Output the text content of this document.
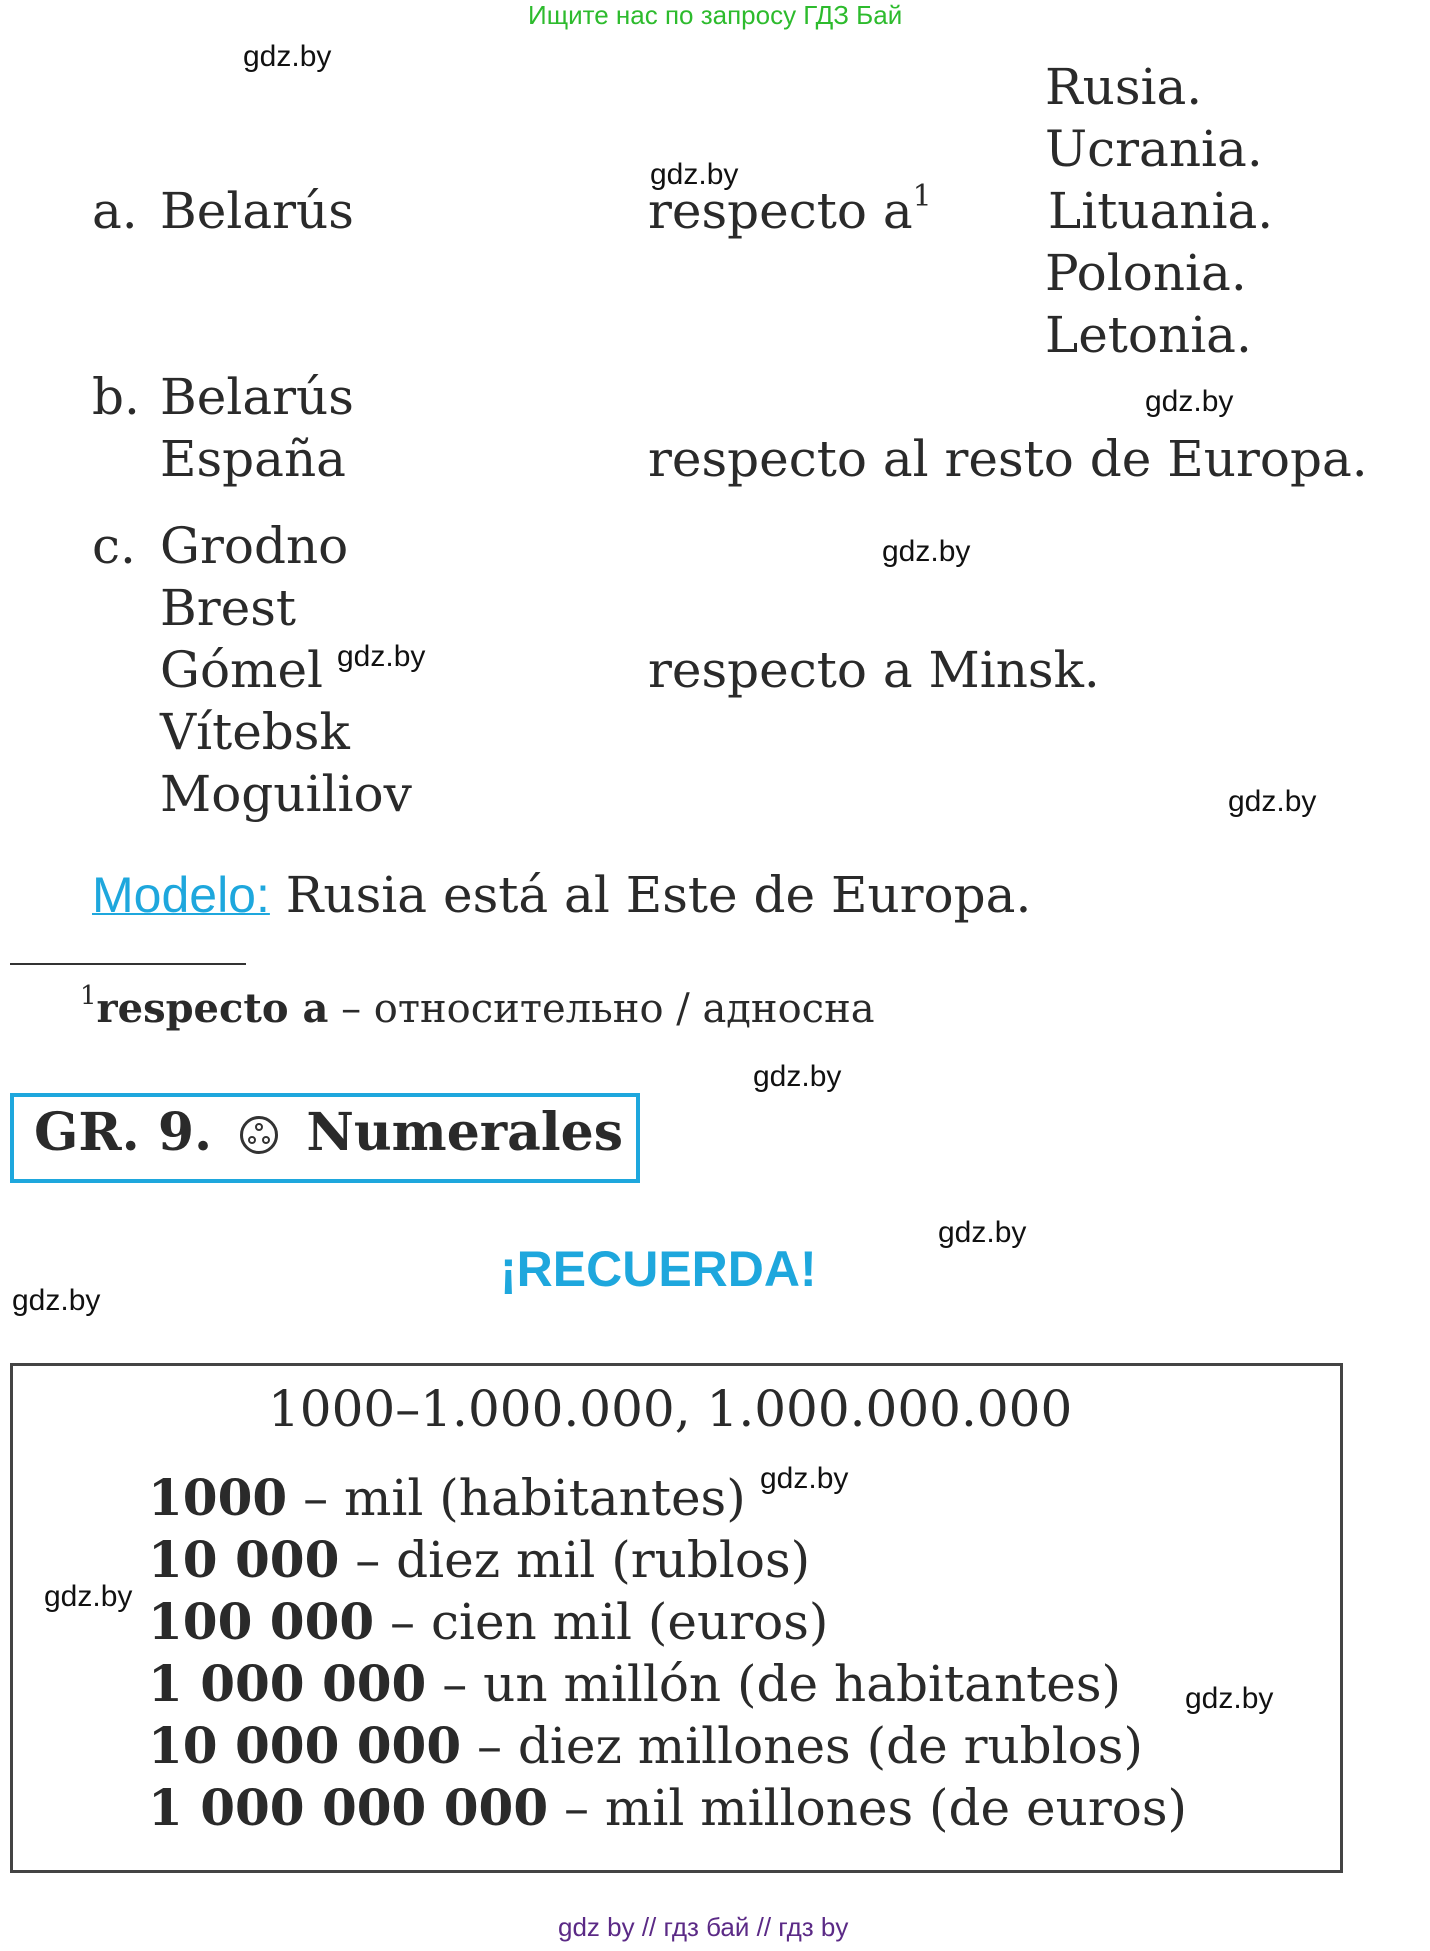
Ищите нас по запросу ГДЗ Бай
gdz.by
gdz.by
gdz.by
gdz.by
gdz.by
gdz.by
gdz.by
gdz.by
gdz.by
gdz.by
gdz.by
gdz.by
a. Belarús	respecto a$^1$
Rusia.
Ucrania.
Lituania.
Polonia.
Letonia.
b. Belarús
España	respecto al resto de Europa.
c. Grodno
Brest
Gómel
Vítebsk
Moguiliov
respecto a Minsk.
Modelo: Rusia está al Este de Europa.
$^1$respecto a – относительно / адносна
GR. 9. Numerales
¡RECUERDA!
1000–1.000.000, 1.000.000.000
1000 – mil (habitantes)
10 000 – diez mil (rublos)
100 000 – cien mil (euros)
1 000 000 – un millón (de habitantes)
10 000 000 – diez millones (de rublos)
1 000 000 000 – mil millones (de euros)
gdz by // гдз бай // гдз by
